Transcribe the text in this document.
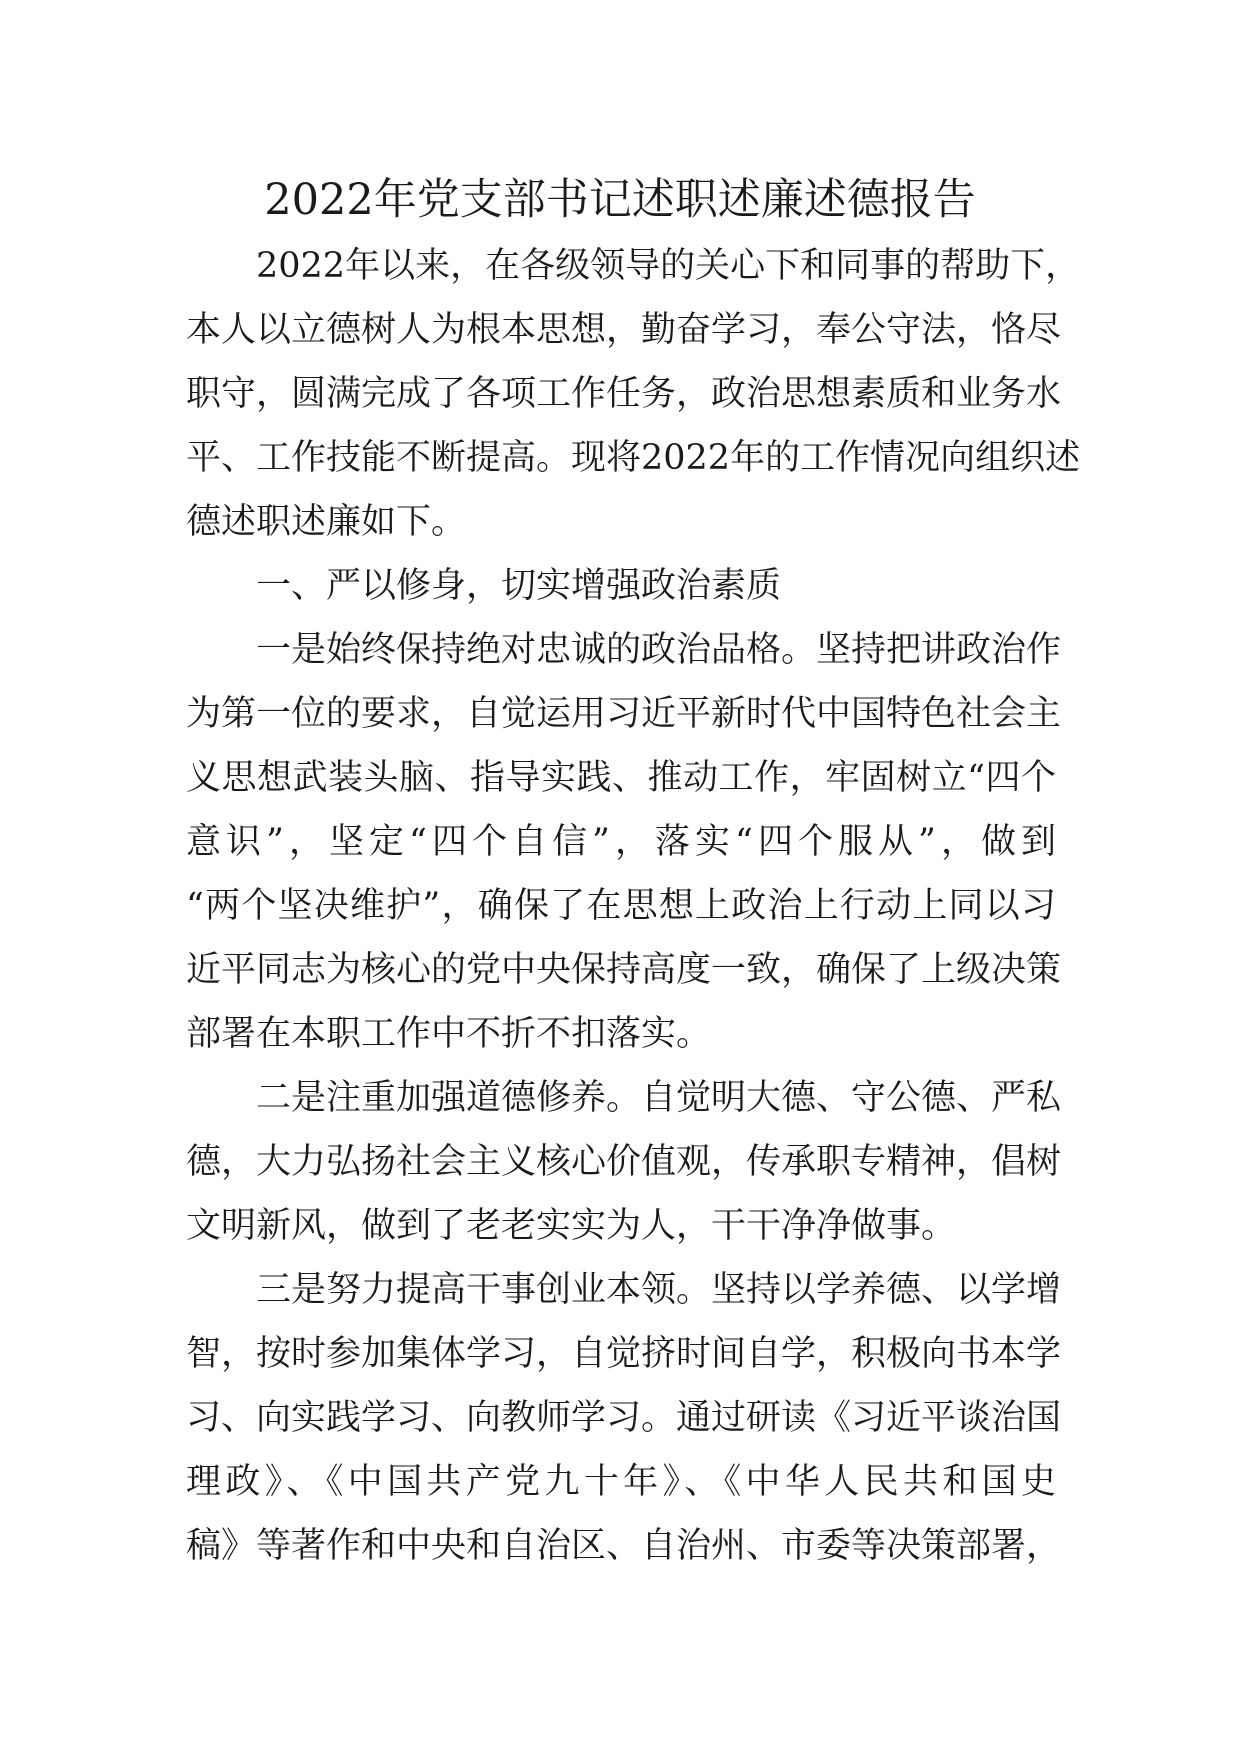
2022年党支部书记述职述廉述德报告

2022年以来，在各级领导的关心下和同事的帮助下，

本人以立德树人为根本思想，勤奋学习，奉公守法，恪尽

职守，圆满完成了各项工作任务，政治思想素质和业务水

平、工作技能不断提高。现将2022年的工作情况向组织述

德述职述廉如下。

一、严以修身，切实增强政治素质

一是始终保持绝对忠诚的政治品格。坚持把讲政治作

为第一位的要求，自觉运用习近平新时代中国特色社会主

义思想武装头脑、指导实践、推动工作，牢固树立“四个

意识”，坚定“四个自信”，落实“四个服从”，做到

“两个坚决维护”，确保了在思想上政治上行动上同以习

近平同志为核心的党中央保持高度一致，确保了上级决策

部署在本职工作中不折不扣落实。

二是注重加强道德修养。自觉明大德、守公德、严私

德，大力弘扬社会主义核心价值观，传承职专精神，倡树

文明新风，做到了老老实实为人，干干净净做事。

三是努力提高干事创业本领。坚持以学养德、以学增

智，按时参加集体学习，自觉挤时间自学，积极向书本学

习、向实践学习、向教师学习。通过研读《习近平谈治国

理政》、《中国共产党九十年》、《中华人民共和国史

稿》等著作和中央和自治区、自治州、市委等决策部署，
